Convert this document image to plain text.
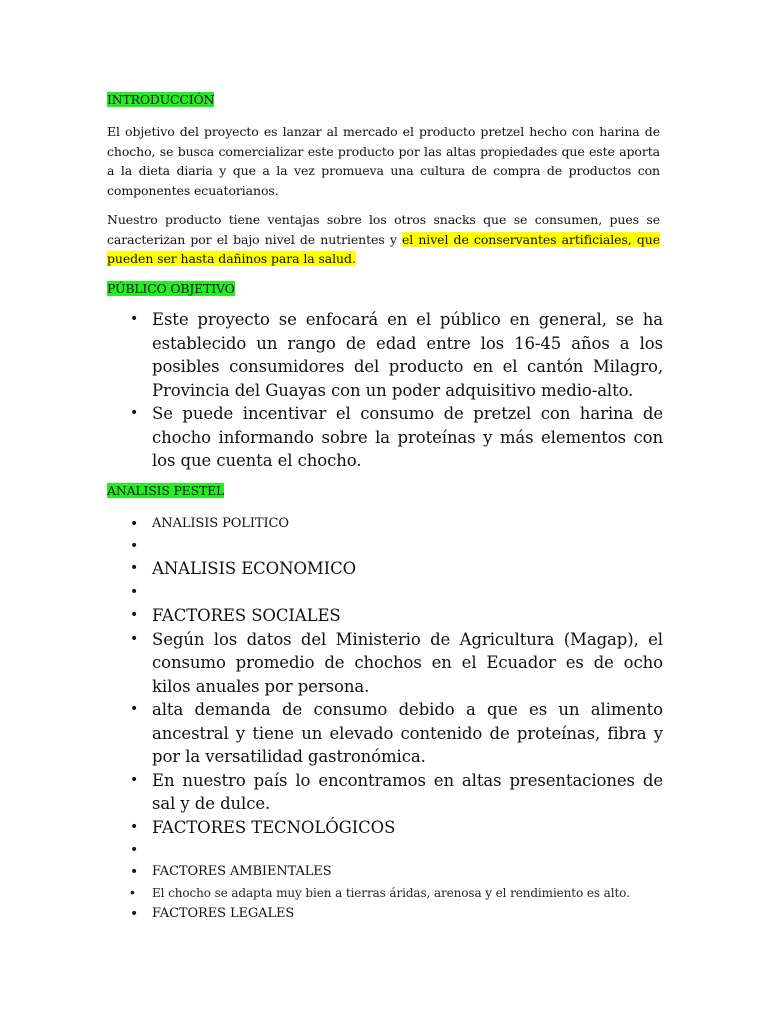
INTRODUCCIÓN
El objetivo del proyecto es lanzar al mercado el producto pretzel hecho con harina de chocho, se busca comercializar este producto por las altas propiedades que este aporta a la dieta diaria y que a la vez promueva una cultura de compra de productos con componentes ecuatorianos.
Nuestro producto tiene ventajas sobre los otros snacks que se consumen, pues se caracterizan por el bajo nivel de nutrientes y el nivel de conservantes artificiales, que pueden ser hasta dañinos para la salud.
PÚBLICO OBJETIVO
• Este proyecto se enfocará en el público en general, se ha establecido un rango de edad entre los 16-45 años a los posibles consumidores del producto en el cantón Milagro, Provincia del Guayas con un poder adquisitivo medio-alto.
• Se puede incentivar el consumo de pretzel con harina de chocho informando sobre la proteínas y más elementos con los que cuenta el chocho.
ANALISIS PESTEL
• ANALISIS POLITICO
•

• ANALISIS ECONOMICO
•

• FACTORES SOCIALES
• Según los datos del Ministerio de Agricultura (Magap), el consumo promedio de chochos en el Ecuador es de ocho kilos anuales por persona.
• alta demanda de consumo debido a que es un alimento ancestral y tiene un elevado contenido de proteínas, fibra y por la versatilidad gastronómica.
• En nuestro país lo encontramos en altas presentaciones de sal y de dulce.
• FACTORES TECNOLÓGICOS
•

• FACTORES AMBIENTALES
• El chocho se adapta muy bien a tierras áridas, arenosa y el rendimiento es alto.
• FACTORES LEGALES
